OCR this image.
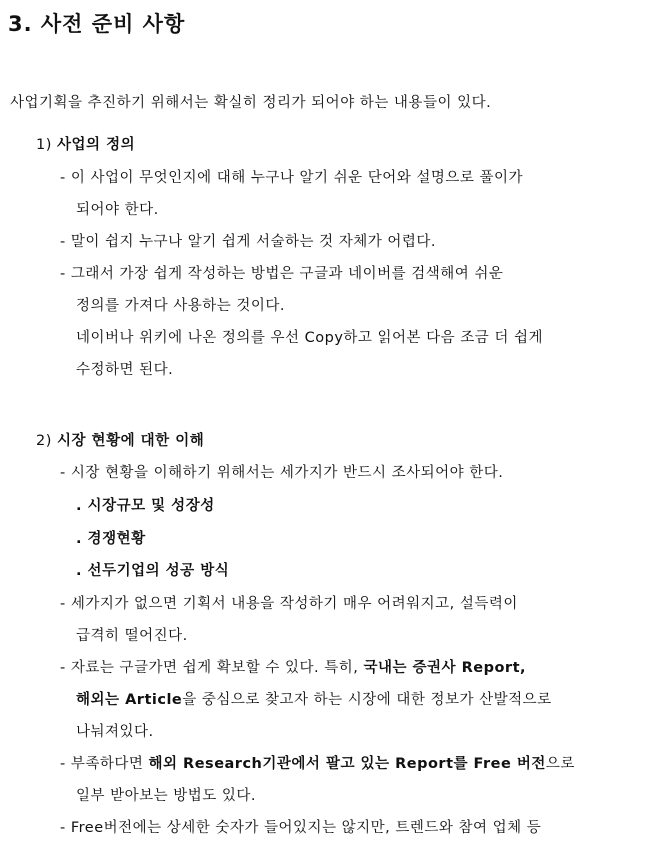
3. 사전 준비 사항
사업기획을 추진하기 위해서는 확실히 정리가 되어야 하는 내용들이 있다.
1) 사업의 정의
- 이 사업이 무엇인지에 대해 누구나 알기 쉬운 단어와 설명으로 풀이가
되어야 한다.
- 말이 쉽지 누구나 알기 쉽게 서술하는 것 자체가 어렵다.
- 그래서 가장 쉽게 작성하는 방법은 구글과 네이버를 검색해여 쉬운
정의를 가져다 사용하는 것이다.
네이버나 위키에 나온 정의를 우선 Copy하고 읽어본 다음 조금 더 쉽게
수정하면 된다.
2) 시장 현황에 대한 이해
- 시장 현황을 이해하기 위해서는 세가지가 반드시 조사되어야 한다.
. 시장규모 및 성장성
. 경쟁현황
. 선두기업의 성공 방식
- 세가지가 없으면 기획서 내용을 작성하기 매우 어려워지고, 설득력이
급격히 떨어진다.
- 자료는 구글가면 쉽게 확보할 수 있다. 특히, 국내는 증권사 Report,
해외는 Article을 중심으로 찾고자 하는 시장에 대한 정보가 산발적으로
나눠져있다.
- 부족하다면 해외 Research기관에서 팔고 있는 Report를 Free 버전으로
일부 받아보는 방법도 있다.
- Free버전에는 상세한 숫자가 들어있지는 않지만, 트렌드와 참여 업체 등
